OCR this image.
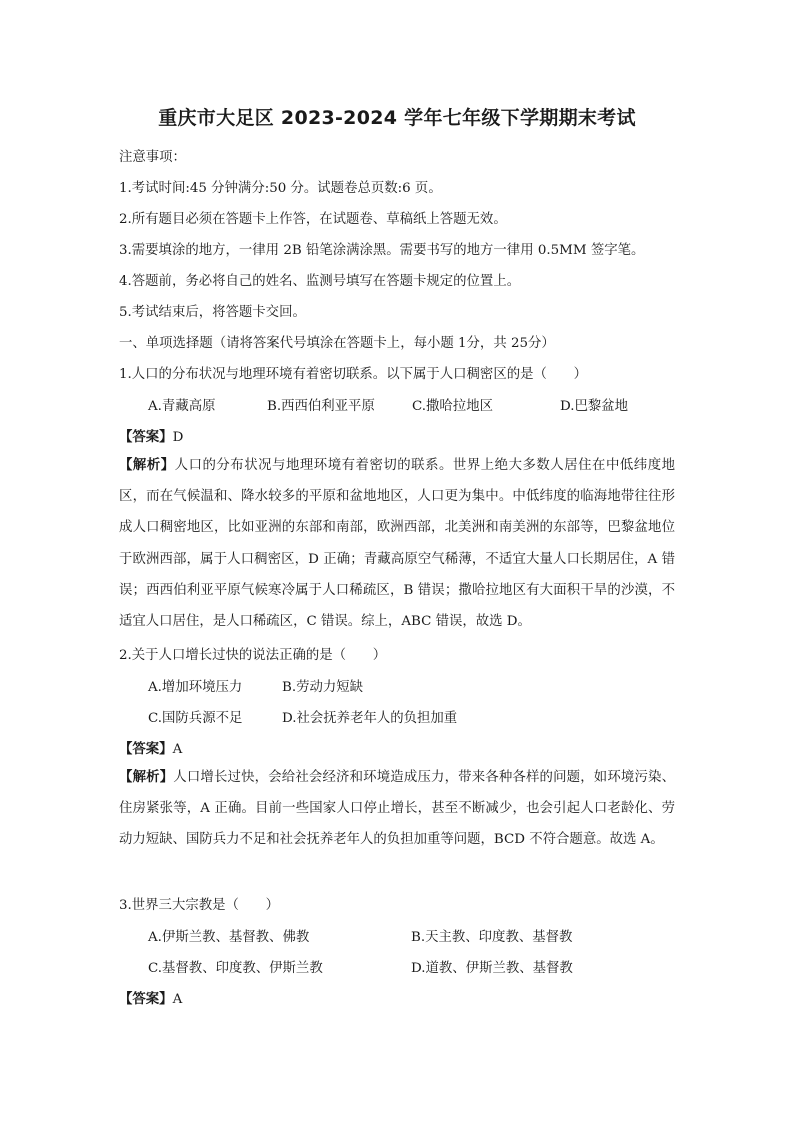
重庆市大足区 2023-2024 学年七年级下学期期末考试
注意事项：
1.考试时间:45 分钟满分:50 分。试题卷总页数:6 页。
2.所有题目必须在答题卡上作答，在试题卷、草稿纸上答题无效。
3.需要填涂的地方，一律用 2B 铅笔涂满涂黑。需要书写的地方一律用 0.5MM 签字笔。
4.答题前，务必将自己的姓名、监测号填写在答题卡规定的位置上。
5.考试结束后，将答题卡交回。
一、单项选择题（请将答案代号填涂在答题卡上，每小题 1分，共 25分）
1.人口的分布状况与地理环境有着密切联系。以下属于人口稠密区的是（　　）
A.青藏高原	B.西西伯利亚平原	C.撒哈拉地区	D.巴黎盆地
【答案】D
【解析】人口的分布状况与地理环境有着密切的联系。世界上绝大多数人居住在中低纬度地区，而在气候温和、降水较多的平原和盆地地区，人口更为集中。中低纬度的临海地带往往形成人口稠密地区，比如亚洲的东部和南部，欧洲西部，北美洲和南美洲的东部等，巴黎盆地位于欧洲西部，属于人口稠密区，D 正确；青藏高原空气稀薄，不适宜大量人口长期居住，A 错误；西西伯利亚平原气候寒冷属于人口稀疏区，B 错误；撒哈拉地区有大面积干旱的沙漠，不适宜人口居住，是人口稀疏区，C 错误。综上，ABC 错误，故选 D。
2.关于人口增长过快的说法正确的是（　　）
A.增加环境压力	B.劳动力短缺
C.国防兵源不足	D.社会抚养老年人的负担加重
【答案】A
【解析】人口增长过快，会给社会经济和环境造成压力，带来各种各样的问题，如环境污染、住房紧张等，A 正确。目前一些国家人口停止增长，甚至不断减少，也会引起人口老龄化、劳动力短缺、国防兵力不足和社会抚养老年人的负担加重等问题，BCD 不符合题意。故选 A。
3.世界三大宗教是（　　）
A.伊斯兰教、基督教、佛教	B.天主教、印度教、基督教
C.基督教、印度教、伊斯兰教	D.道教、伊斯兰教、基督教
【答案】A
